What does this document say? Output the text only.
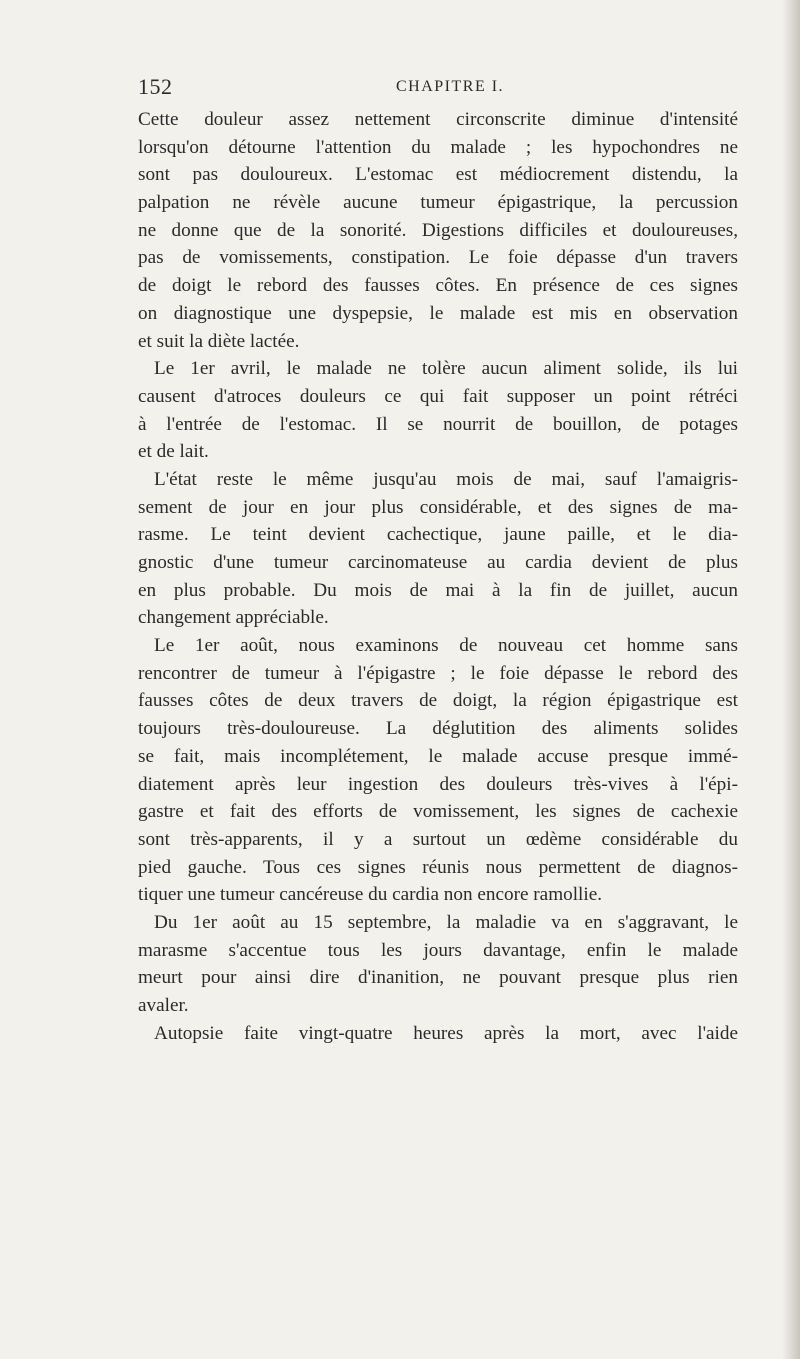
152	CHAPITRE I.
Cette douleur assez nettement circonscrite diminue d'intensité
lorsqu'on détourne l'attention du malade ; les hypochondres ne
sont pas douloureux. L'estomac est médiocrement distendu, la
palpation ne révèle aucune tumeur épigastrique, la percussion
ne donne que de la sonorité. Digestions difficiles et douloureuses,
pas de vomissements, constipation. Le foie dépasse d'un travers
de doigt le rebord des fausses côtes. En présence de ces signes
on diagnostique une dyspepsie, le malade est mis en observation
et suit la diète lactée.
Le 1er avril, le malade ne tolère aucun aliment solide, ils lui
causent d'atroces douleurs ce qui fait supposer un point rétréci
à l'entrée de l'estomac. Il se nourrit de bouillon, de potages
et de lait.
L'état reste le même jusqu'au mois de mai, sauf l'amaigris-
sement de jour en jour plus considérable, et des signes de ma-
rasme. Le teint devient cachectique, jaune paille, et le dia-
gnostic d'une tumeur carcinomateuse au cardia devient de plus
en plus probable. Du mois de mai à la fin de juillet, aucun
changement appréciable.
Le 1er août, nous examinons de nouveau cet homme sans
rencontrer de tumeur à l'épigastre ; le foie dépasse le rebord des
fausses côtes de deux travers de doigt, la région épigastrique est
toujours très-douloureuse. La déglutition des aliments solides
se fait, mais incomplétement, le malade accuse presque immé-
diatement après leur ingestion des douleurs très-vives à l'épi-
gastre et fait des efforts de vomissement, les signes de cachexie
sont très-apparents, il y a surtout un œdème considérable du
pied gauche. Tous ces signes réunis nous permettent de diagnos-
tiquer une tumeur cancéreuse du cardia non encore ramollie.
Du 1er août au 15 septembre, la maladie va en s'aggravant, le
marasme s'accentue tous les jours davantage, enfin le malade
meurt pour ainsi dire d'inanition, ne pouvant presque plus rien
avaler.
Autopsie faite vingt-quatre heures après la mort, avec l'aide
